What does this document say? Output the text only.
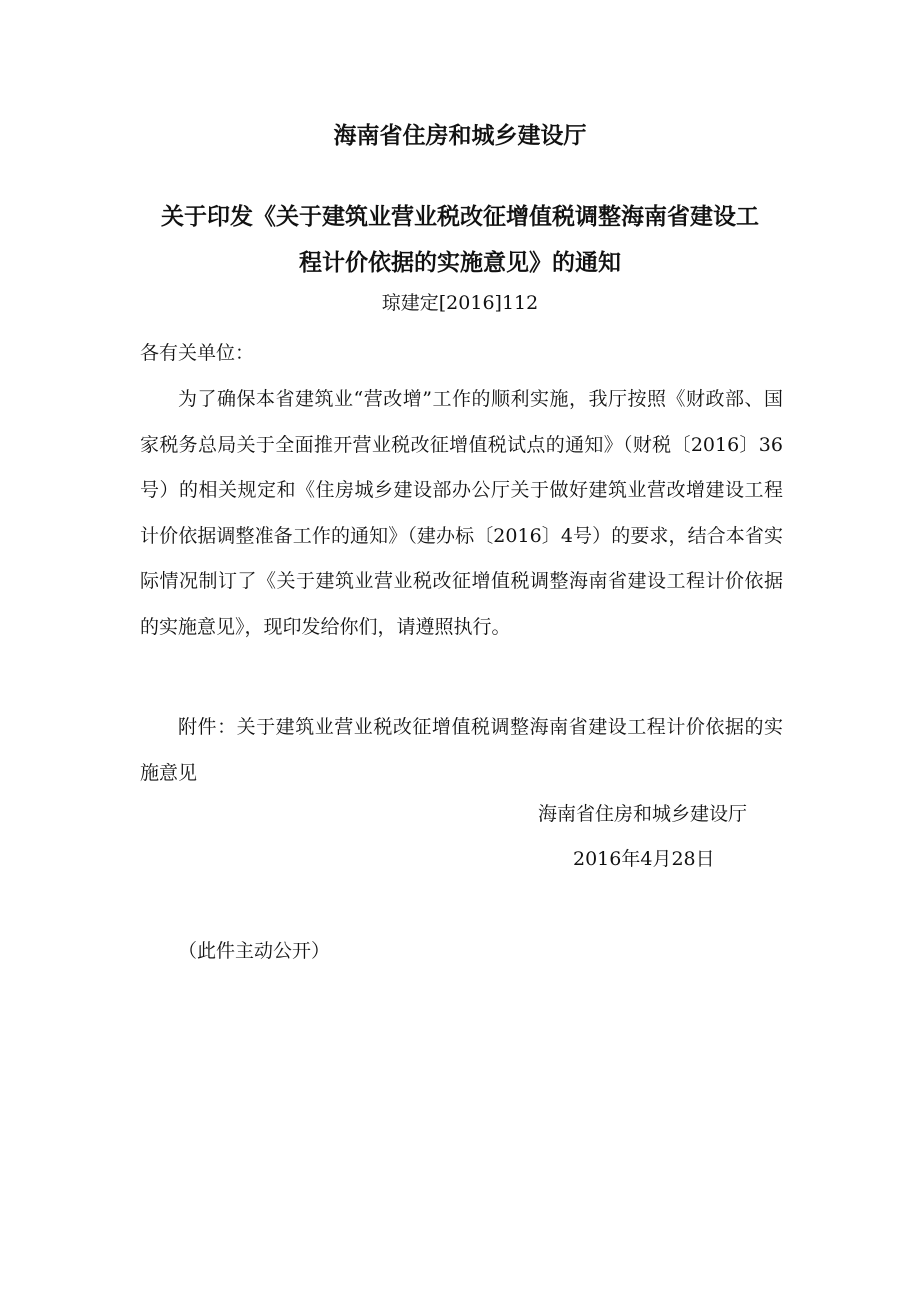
海南省住房和城乡建设厅
关于印发《关于建筑业营业税改征增值税调整海南省建设工
程计价依据的实施意见》的通知
琼建定[2016]112
各有关单位：

为了确保本省建筑业“营改增”工作的顺利实施，我厅按照《财政部、国家税务总局关于全面推开营业税改征增值税试点的通知》（财税〔2016〕36号）的相关规定和《住房城乡建设部办公厅关于做好建筑业营改增建设工程计价依据调整准备工作的通知》（建办标〔2016〕4号）的要求，结合本省实际情况制订了《关于建筑业营业税改征增值税调整海南省建设工程计价依据的实施意见》，现印发给你们，请遵照执行。

附件：关于建筑业营业税改征增值税调整海南省建设工程计价依据的实施意见

海南省住房和城乡建设厅
2016年4月28日
（此件主动公开）
